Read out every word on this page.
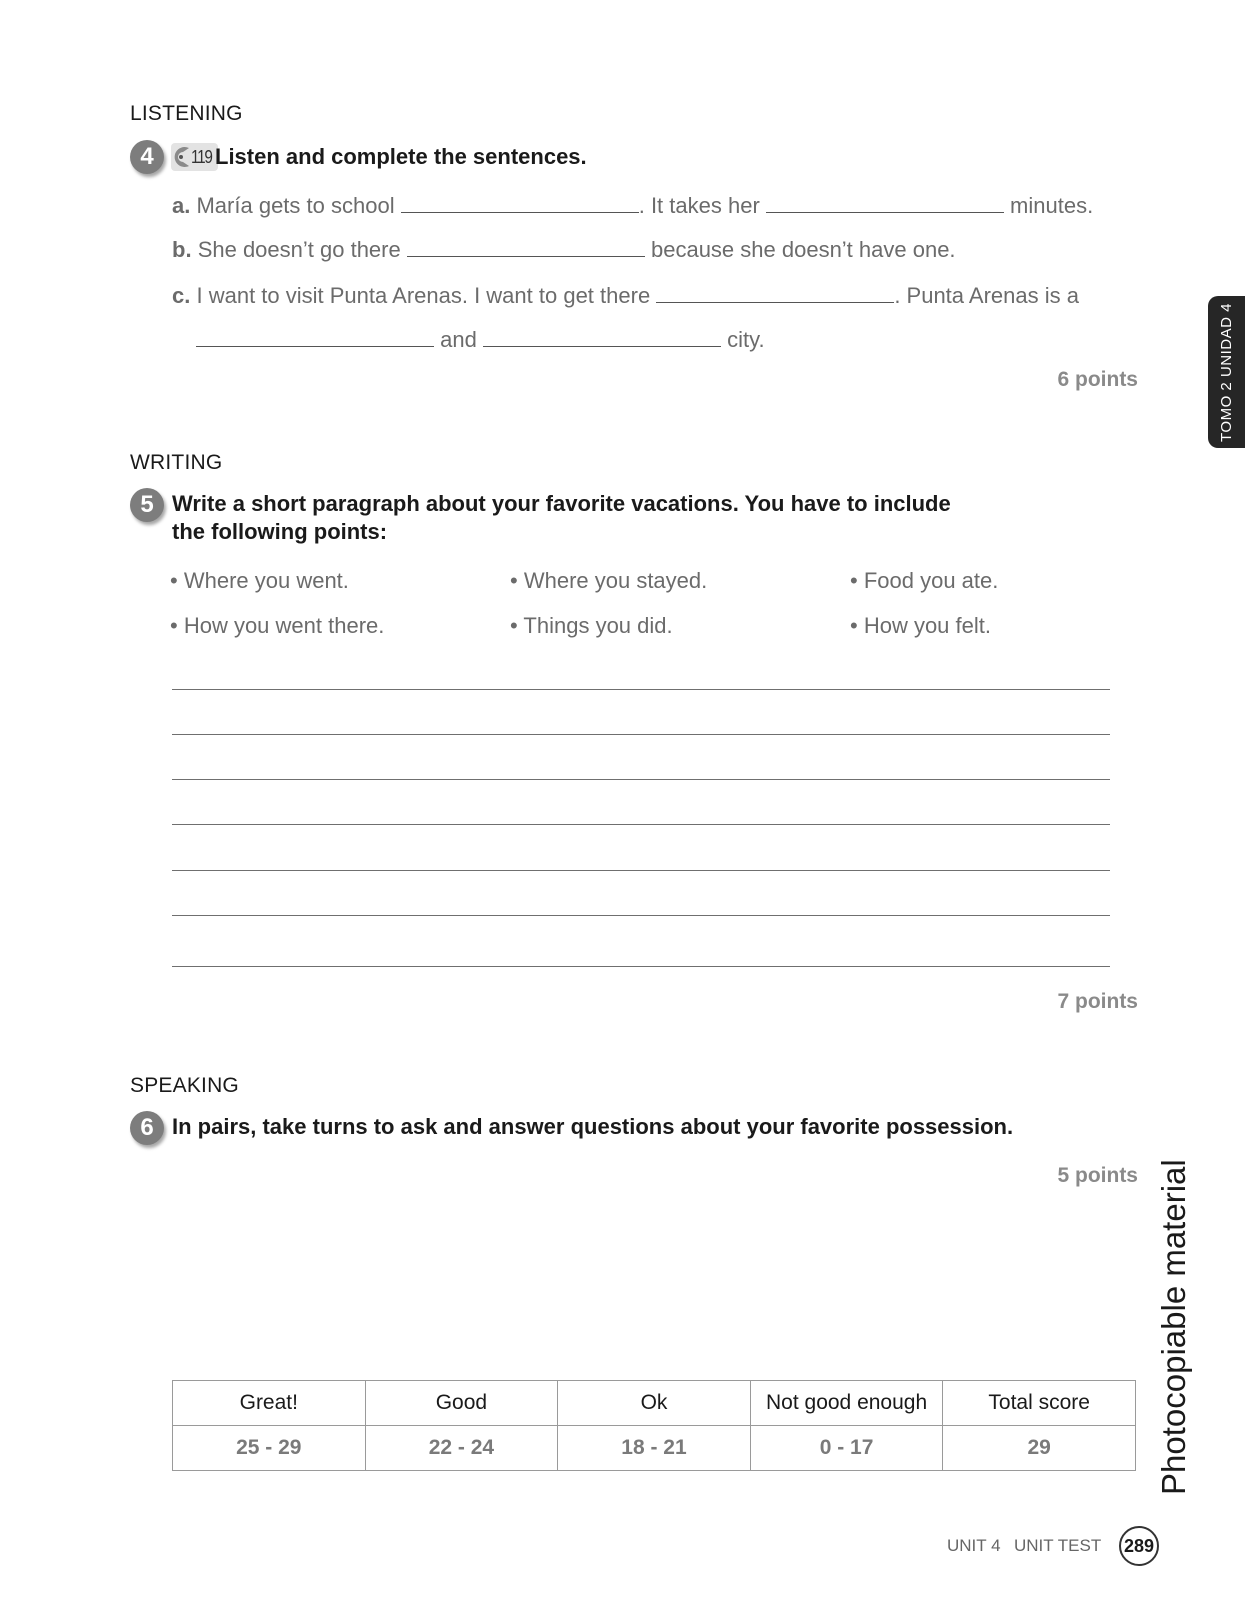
LISTENING
4	119 Listen and complete the sentences.
a. María gets to school	. It takes her	minutes.
b. She doesn’t go there	because she doesn’t have one.
c. I want to visit Punta Arenas. I want to get there	. Punta Arenas is a
and	city.
6 points
WRITING
5 Write a short paragraph about your favorite vacations. You have to include
the following points:
• Where you went.	• Where you stayed.	• Food you ate.
• How you went there.	• Things you did.	• How you felt.
7 points
SPEAKING
6 In pairs, take turns to ask and answer questions about your favorite possession.
5 points
Great!	Good	Ok	Not good enough	Total score
25 - 29	22 - 24	18 - 21	0 - 17	29
TOMO 2 UNIDAD 4
Photocopiable material
UNIT 4 UNIT TEST 289
